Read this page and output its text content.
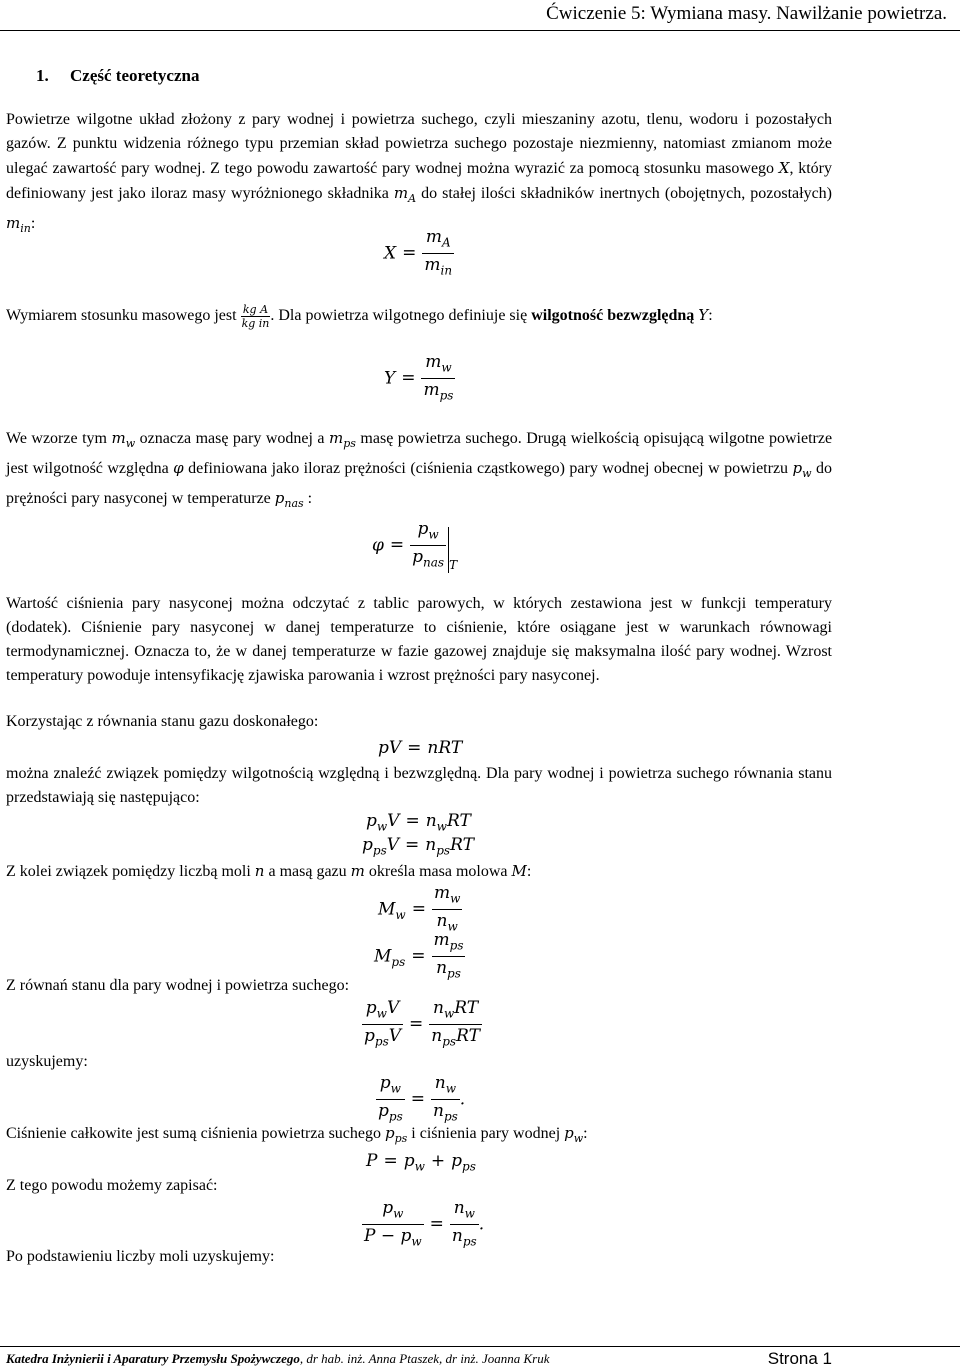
Ćwiczenie 5: Wymiana masy. Nawilżanie powietrza.
1. Część teoretyczna
Powietrze wilgotne układ złożony z pary wodnej i powietrza suchego, czyli mieszaniny azotu, tlenu, wodoru i pozostałych gazów. Z punktu widzenia różnego typu przemian skład powietrza suchego pozostaje niezmienny, natomiast zmianom może ulegać zawartość pary wodnej. Z tego powodu zawartość pary wodnej można wyrazić za pomocą stosunku masowego X, który definiowany jest jako iloraz masy wyróżnionego składnika $m_A$ do stałej ilości składników inertnych (obojętnych, pozostałych) $m_{in}$:
$X = \frac{m_A}{m_{in}}$
Wymiarem stosunku masowego jest $\frac{\text{kg A}}{\text{kg in}}$ . Dla powietrza wilgotnego definiuje się wilgotność bezwzględną Y:
$Y = \frac{m_w}{m_{ps}}$
We wzorze tym $m_w$ oznacza masę pary wodnej a $m_{ps}$ masę powietrza suchego. Drugą wielkością opisującą wilgotne powietrze jest wilgotność względna φ definiowana jako iloraz prężności (ciśnienia cząstkowego) pary wodnej obecnej w powietrzu $p_w$ do prężności pary nasyconej w temperaturze $p_{nas}$ :
$\varphi = \frac{p_w}{p_{nas}} _T$
Wartość ciśnienia pary nasyconej można odczytać z tablic parowych, w których zestawiona jest w funkcji temperatury (dodatek). Ciśnienie pary nasyconej w danej temperaturze to ciśnienie, które osiągane jest w warunkach równowagi termodynamicznej. Oznacza to, że w danej temperaturze w fazie gazowej znajduje się maksymalna ilość pary wodnej. Wzrost temperatury powoduje intensyfikację zjawiska parowania i wzrost prężności pary nasyconej.
Korzystając z równania stanu gazu doskonałego:
pV = nRT
można znaleźć związek pomiędzy wilgotnością względną i bezwzględną. Dla pary wodnej i powietrza suchego równania stanu przedstawiają się następująco:
$p_wV = n_wRT$
$p_{ps}V = n_{ps}RT$
Z kolei związek pomiędzy liczbą moli n a masą gazu m określa masa molowa M:
$M_w = \frac{m_w}{n_w}$
$M_{ps} = \frac{m_{ps}}{n_{ps}}$
Z równań stanu dla pary wodnej i powietrza suchego:
$\frac{p_wV}{p_{ps}V} = \frac{n_wRT}{n_{ps}RT}$
uzyskujemy:
$\frac{p_w}{p_{ps}} = \frac{n_w}{n_{ps}}$ .
Ciśnienie całkowite jest sumą ciśnienia powietrza suchego $p_{ps}$ i ciśnienia pary wodnej $p_w$:
$P = p_w + p_{ps}$
Z tego powodu możemy zapisać:
$\frac{p_w}{P - p_w} = \frac{n_w}{n_{ps}}$ .
Po podstawieniu liczby moli uzyskujemy:
Katedra Inżynierii i Aparatury Przemysłu Spożywczego, dr hab. inż. Anna Ptaszek, dr inż. Joanna Kruk	Strona 1
